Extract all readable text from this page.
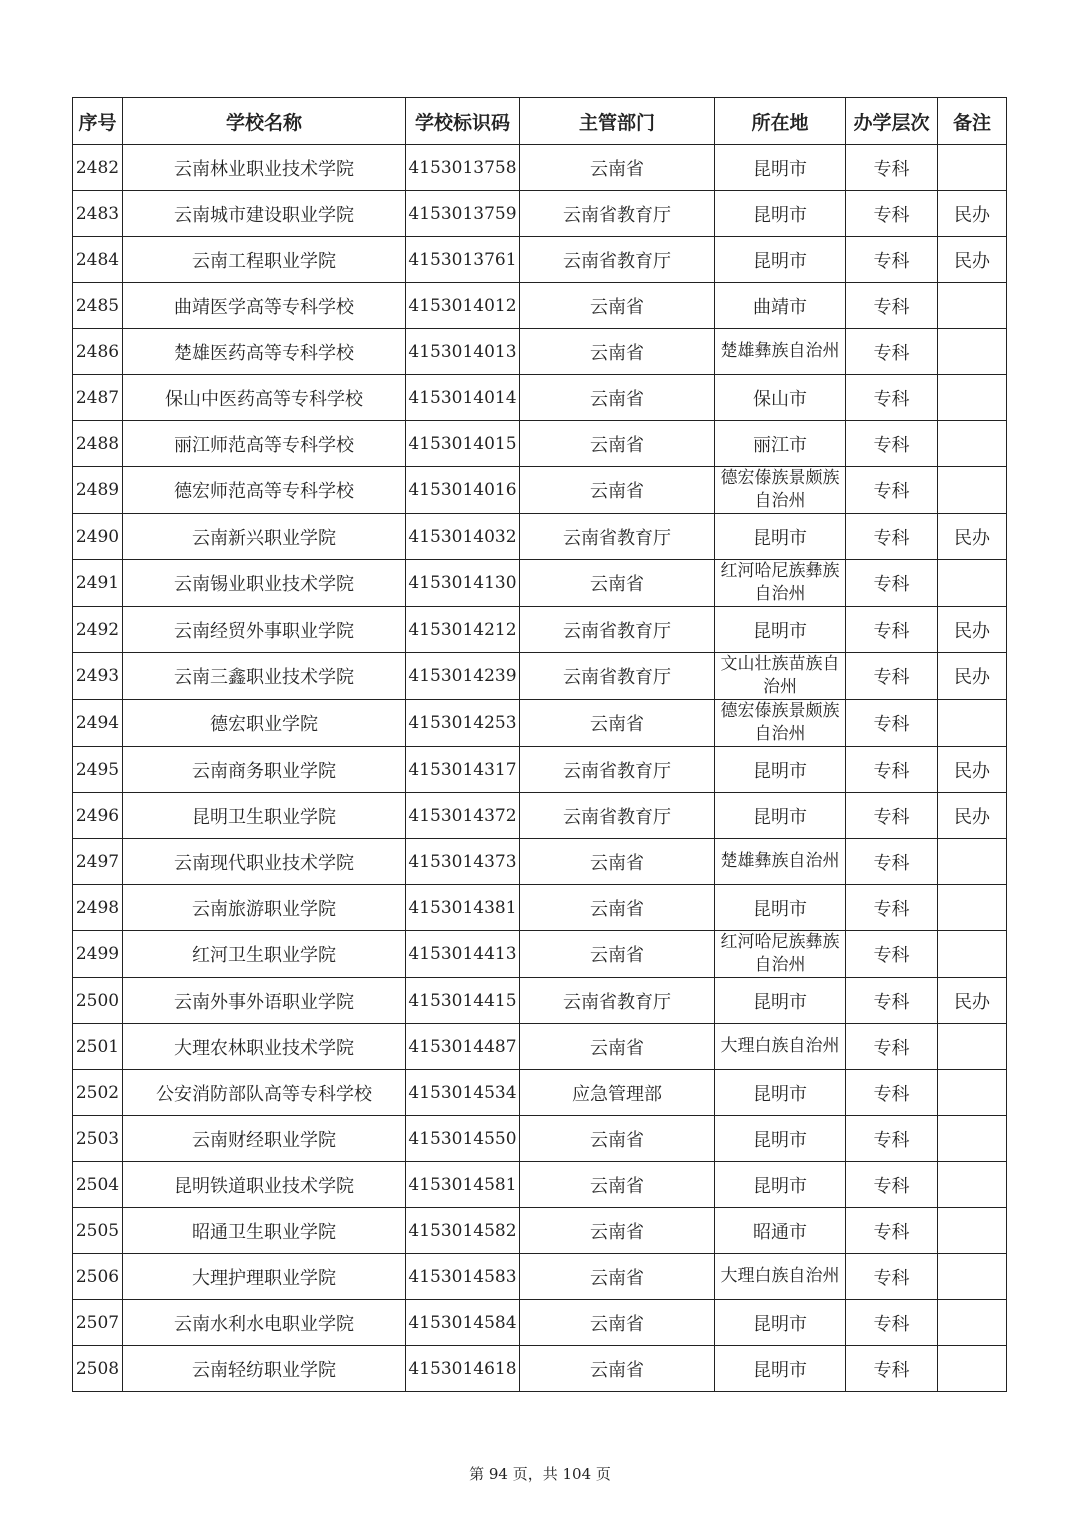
序号	学校名称	学校标识码	主管部门	所在地	办学层次	备注
2482	云南林业职业技术学院	4153013758	云南省	昆明市	专科	
2483	云南城市建设职业学院	4153013759	云南省教育厅	昆明市	专科	民办
2484	云南工程职业学院	4153013761	云南省教育厅	昆明市	专科	民办
2485	曲靖医学高等专科学校	4153014012	云南省	曲靖市	专科	
2486	楚雄医药高等专科学校	4153014013	云南省	楚雄彝族自治州	专科	
2487	保山中医药高等专科学校	4153014014	云南省	保山市	专科	
2488	丽江师范高等专科学校	4153014015	云南省	丽江市	专科	
2489	德宏师范高等专科学校	4153014016	云南省	德宏傣族景颇族自治州	专科	
2490	云南新兴职业学院	4153014032	云南省教育厅	昆明市	专科	民办
2491	云南锡业职业技术学院	4153014130	云南省	红河哈尼族彝族自治州	专科	
2492	云南经贸外事职业学院	4153014212	云南省教育厅	昆明市	专科	民办
2493	云南三鑫职业技术学院	4153014239	云南省教育厅	文山壮族苗族自治州	专科	民办
2494	德宏职业学院	4153014253	云南省	德宏傣族景颇族自治州	专科	
2495	云南商务职业学院	4153014317	云南省教育厅	昆明市	专科	民办
2496	昆明卫生职业学院	4153014372	云南省教育厅	昆明市	专科	民办
2497	云南现代职业技术学院	4153014373	云南省	楚雄彝族自治州	专科	
2498	云南旅游职业学院	4153014381	云南省	昆明市	专科	
2499	红河卫生职业学院	4153014413	云南省	红河哈尼族彝族自治州	专科	
2500	云南外事外语职业学院	4153014415	云南省教育厅	昆明市	专科	民办
2501	大理农林职业技术学院	4153014487	云南省	大理白族自治州	专科	
2502	公安消防部队高等专科学校	4153014534	应急管理部	昆明市	专科	
2503	云南财经职业学院	4153014550	云南省	昆明市	专科	
2504	昆明铁道职业技术学院	4153014581	云南省	昆明市	专科	
2505	昭通卫生职业学院	4153014582	云南省	昭通市	专科	
2506	大理护理职业学院	4153014583	云南省	大理白族自治州	专科	
2507	云南水利水电职业学院	4153014584	云南省	昆明市	专科	
2508	云南轻纺职业学院	4153014618	云南省	昆明市	专科	
第 94 页，共 104 页
